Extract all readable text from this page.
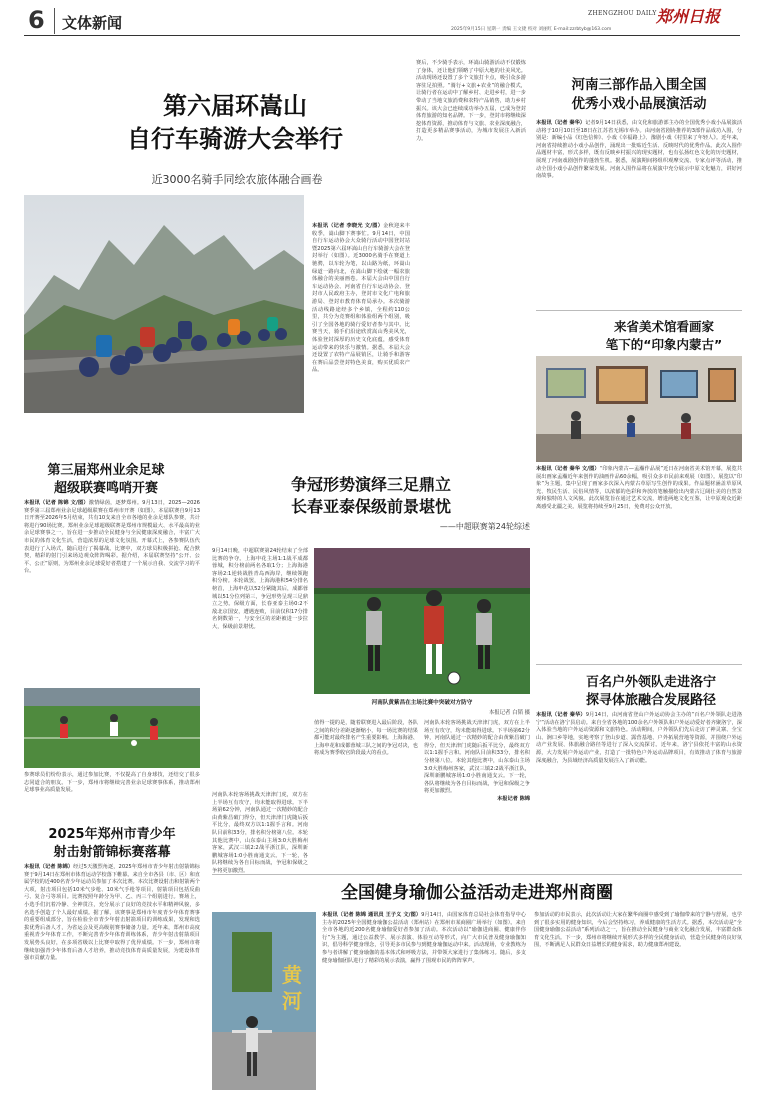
6 文体新闻
ZHENGZHOU DAILY 郑州日报
2025年9月15日 星期一 责编 王文捷 校对 刘丽红 E-mail:zzrbtyb@163.com
第六届环嵩山
自行车骑游大会举行
近3000名骑手同绘农旅体融合画卷
本报讯（记者 李晓光 文/图）金秋迎来丰收季，嵩山脚下赛事忙。9月14日，中国自行车运动协会大众骑行活动中国登封站暨2025第六届环嵩山自行车骑游大会在登封举行（如图）。近3000名骑手在赛道上驰骋，以车轮为笔，以山路为纸，环嵩山绿道一路向北，在嵩山脚下绘就一幅农旅体融合的美丽画卷。本届大会由中国自行车运动协会、河南省自行车运动协会、登封市人民政府主办，登封市文化广电和旅游局、登封市教育体育局承办。本次骑游活动线路途经多个乡镇，全程约110公里，共分为竞赛组和体验组两个组别，吸引了全国各地的骑行爱好者参与其中。比赛当天，骑手们沿途欣赏嵩山秀美风光，体验登封深厚的历史文化底蕴，感受体育运动带来的快乐与激情。据悉，本届大会还设置了农特产品展销区，让骑手和游客在赛后品尝登封特色美食，购买优质农产品。
赛后，不少骑手表示，环嵩山骑游活动不仅锻炼了身体，还让他们领略了中原大地的壮美风光。活动现场还设置了多个文旅打卡点，吸引众多游客驻足拍照。“骑行+文旅+农业”的融合模式，让骑行者在运动中了解乡村、走进乡村，进一步带动了当地文旅消费和农特产品销售，助力乡村振兴。该大会已连续成功举办五届，已成为登封体育旅游的知名品牌。下一步，登封市将继续深挖体育资源，推动体育与文旅、农业深度融合，打造更多精品赛事活动，为城市发展注入新活力。
河南三部作品入围全国
优秀小戏小品展演活动
本报讯（记者 秦华）记者9月14日获悉，由文化和旅游部主办的全国优秀小戏小品展演活动将于10月10日至18日在江苏省无锡市举办。由河南省剧协推荐的3部作品成功入围，分别是：新编小品《红色信仰》、小戏《幸福路上》、豫剧小戏《村里来了年轻人》。近年来，河南省持续推动小戏小品创作，涌现出一批贴近生活、反映时代的优秀作品。此次入围作品题材丰富，形式多样，既有反映乡村振兴的现实题材，也有弘扬红色文化的历史题材，展现了河南戏剧创作的蓬勃生机。据悉，展演期间将组织观摩交流、专家点评等活动，推动全国小戏小品创作繁荣发展。河南入围作品将在展演中充分展示中原文化魅力，讲好河南故事。
来省美术馆看画家
笔下的“印象内蒙古”
本报讯（记者 秦华 文/图）“印象内蒙古—孟瀚作品展”近日在河南省美术馆开幕，展览共展出画家孟瀚近年来创作的油画作品60余幅，吸引众多市民前来观展（如图）。展览以“印象”为主题，集中呈现了画家多次深入内蒙古草原写生创作的成果。作品题材涵盖草原风光、牧民生活、民俗风情等，以浓郁的色彩和奔放的笔触描绘出内蒙古辽阔壮美的自然景观和独特的人文风貌。此次展览旨在通过艺术交流，增进两地文化互鉴，让中原观众近距离感受北疆之美。展览将持续至9月25日，免费对公众开放。
第三届郑州业余足球
超级联赛鸣哨开赛
本报讯（记者 陈锦 文/图）激情绿茵，逐梦郑州。9月13日，2025—2026赛季第三届郑州业余足球超级联赛在郑州市开赛（如图）。本届联赛自9月13日开赛至2026年5月结束，共有10支来自全市各地的业余足球队参赛，共计将进行90场比赛。郑州业余足球超级联赛是郑州市规模最大、水平最高的业余足球赛事之一，旨在进一步推动全民健身与全民健康深度融合，丰富广大市民的体育文化生活，营造浓厚的足球文化氛围。开幕式上，各参赛队伍代表进行了入场式，随后进行了揭幕战。比赛中，双方球员积极拼抢、配合默契，精彩的射门引来场边观众阵阵喝彩。据介绍，本届联赛坚持“公开、公平、公正”原则，为郑州业余足球爱好者搭建了一个展示自我、交流学习的平台。
参赛球员们纷纷表示，通过参加比赛，不仅提高了自身球技，还结交了很多志同道合的朋友。下一步，郑州市将继续完善业余足球赛事体系，推动郑州足球事业高质量发展。
争冠形势演绎三足鼎立
长春亚泰保级前景堪忧
——中超联赛第24轮综述
9月14日晚，中超联赛第24轮结束了全部比赛的争夺。上海申花主场1:1战平成都蓉城，积分榜前两名各取1分；上海海港客场2:1逆转战胜青岛西海岸，继续领跑积分榜。本轮战罢，上海海港积54分排名榜首，上海申花以52分紧随其后，成都蓉城以51分位列第三，争冠形势呈现三足鼎立之势。保级方面，长春亚泰主场0:2不敌北京国安，遭遇连败，目前仅积17分排名倒数第一，与安全区的差距被进一步拉大，保级前景堪忧。
河南队本轮客场挑战天津津门虎，双方在上半场互有攻守，均未能取得进球。下半场第62分钟，河南队通过一次精妙的配合由黄紫昌破门得分，但天津津门虎随后扳平比分，最终双方以1:1握手言和。河南队目前积33分，排名积分榜第八位。本轮其他比赛中，山东泰山主场3:0大胜梅州客家，武汉三镇2:2战平浙江队，深圳新鹏城客场1:0小胜南通支云。下一轮，各队将继续为各自目标而战，争冠和保级之争将更加激烈。
河南队黄紫昌在主场比赛中突破对方防守
本报记者 白韬 摄
值得一提的是，随着联赛进入最后阶段，各队之间的积分差距逐渐缩小，每一场比赛的结果都可能对最终排名产生重要影响。上海海港、上海申花和成都蓉城三队之间的争冠对决，也将成为赛季收官阶段最大的看点。
河南队本轮客场挑战天津津门虎，双方在上半场互有攻守，均未能取得进球。下半场第62分钟，河南队通过一次精妙的配合由黄紫昌破门得分，但天津津门虎随后扳平比分，最终双方以1:1握手言和。河南队目前积33分，排名积分榜第八位。本轮其他比赛中，山东泰山主场3:0大胜梅州客家，武汉三镇2:2战平浙江队，深圳新鹏城客场1:0小胜南通支云。下一轮，各队将继续为各自目标而战，争冠和保级之争将更加激烈。
本报记者 陈锦
百名户外领队走进洛宁
探寻体旅融合发展路径
本报讯（记者 秦华）9月14日，由河南省登山户外运动协会主办的“百名户外领队走进洛宁”活动在洛宁县启动。来自全省各地的100余名户外领队和户外运动爱好者齐聚洛宁，深入体验当地的户外运动资源和文旅特色。活动期间，户外领队们先后走访了神灵寨、全宝山、涧口乡等地，实地考察了登山步道、露营基地、户外拓展营地等资源，并围绕户外运动产业发展、体旅融合路径等进行了深入交流探讨。近年来，洛宁县依托丰富的山水资源，大力发展户外运动产业，打造了一批特色户外运动品牌项目，有效推动了体育与旅游深度融合，为县域经济高质量发展注入了新动能。
2025年郑州市青少年
射击射箭锦标赛落幕
本报讯（记者 陈锦）经过5天激烈角逐，2025年郑州市青少年射击射箭锦标赛于9月14日在郑州市体育运动学校落下帷幕。来自全市各县（市、区）和直属学校的近400名青少年运动员参加了本次比赛。本次比赛设射击和射箭两个大项，射击项目包括10米气步枪、10米气手枪等项目，射箭项目包括反曲弓、复合弓等项目。比赛按照年龄分为甲、乙、丙三个组别进行。赛场上，小选手们沉着冷静、全神贯注，充分展示了良好的竞技水平和精神风貌，多名选手创造了个人最好成绩。据了解，该赛事是郑州市年度青少年体育赛事的重要组成部分，旨在检验全市青少年射击射箭项目的训练成果，发现和选拔优秀后备人才，为省运会及更高级别赛事储备力量。近年来，郑州市高度重视青少年体育工作，不断完善青少年体育训练体系，青少年射击射箭项目发展势头良好，在多项省级以上比赛中取得了优异成绩。下一步，郑州市将继续加强青少年体育后备人才培养，推动竞技体育高质量发展，为建设体育强市贡献力量。
全国健身瑜伽公益活动走进郑州商圈
黄
河
本报讯（记者 陈锦 通讯员 王子义 文/图）9月14日，由国家体育总局社会体育指导中心主办的2025年全国健身瑜伽公益活动（郑州站）在郑州市某商圈广场举行（如图）。来自全市各地的近200名健身瑜伽爱好者参加了活动。本次活动以“瑜伽进商圈、健康伴你行”为主题，通过公益教学、展示表演、体验互动等形式，向广大市民普及健身瑜伽知识，倡导科学健身理念，引导更多市民参与到健身瑜伽运动中来。活动现场，专业教练为参与者讲解了健身瑜伽的基本体式和呼吸方法，并带领大家进行了集体练习。随后，多支健身瑜伽团队进行了精彩的展示表演，赢得了围观市民的阵阵掌声。
参加活动的市民表示，此次活动让大家在繁华商圈中感受到了瑜伽带来的宁静与舒展，也学到了很多实用的健身知识，今后会坚持练习，养成健康的生活方式。据悉，本次活动是“全国健身瑜伽公益活动”系列活动之一，旨在推动全民健身与商业文化融合发展，丰富群众体育文化生活。下一步，郑州市将继续开展形式多样的全民健身活动，营造全民健身的良好氛围，不断满足人民群众日益增长的健身需求，助力健康郑州建设。
